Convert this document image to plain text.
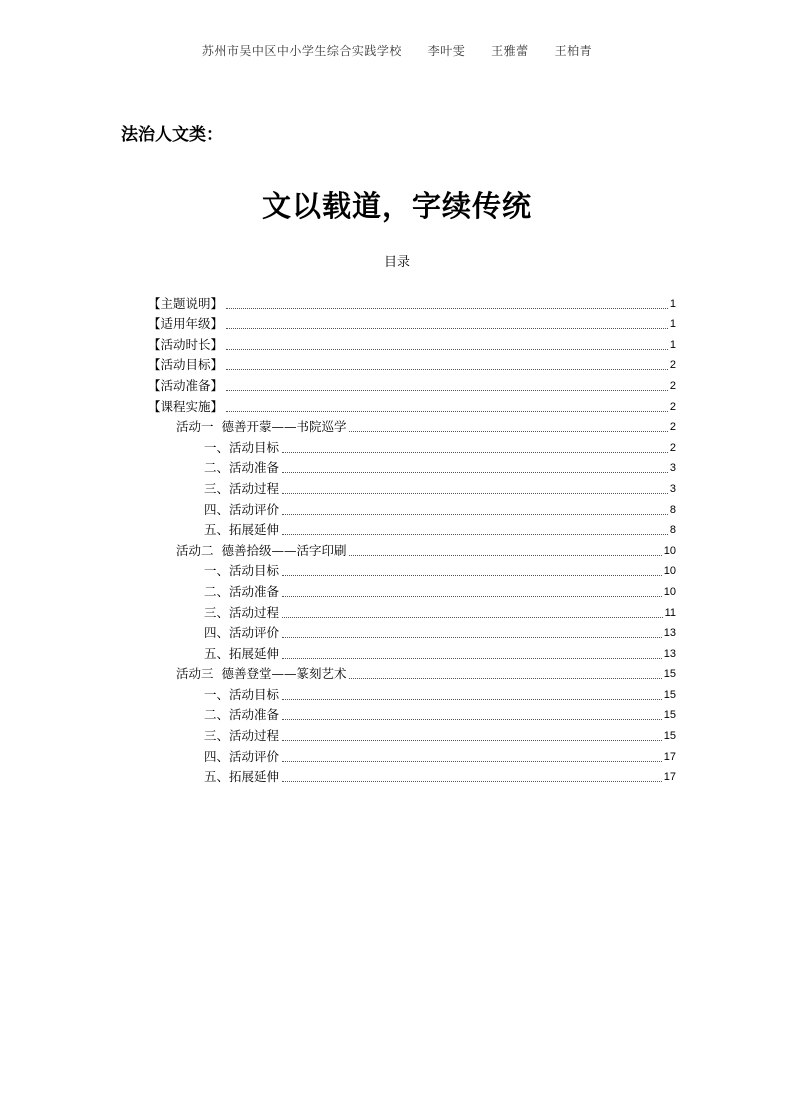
苏州市吴中区中小学生综合实践学校      李叶雯      王雅蕾      王柏青
法治人文类：
文以载道，字续传统
目录
【主题说明】	1
【适用年级】	1
【活动时长】	1
【活动目标】	2
【活动准备】	2
【课程实施】	2
活动一  德善开蒙——书院巡学	2
一、活动目标	2
二、活动准备	3
三、活动过程	3
四、活动评价	8
五、拓展延伸	8
活动二  德善拾级——活字印刷	10
一、活动目标	10
二、活动准备	10
三、活动过程	11
四、活动评价	13
五、拓展延伸	13
活动三  德善登堂——篆刻艺术	15
一、活动目标	15
二、活动准备	15
三、活动过程	15
四、活动评价	17
五、拓展延伸	17
